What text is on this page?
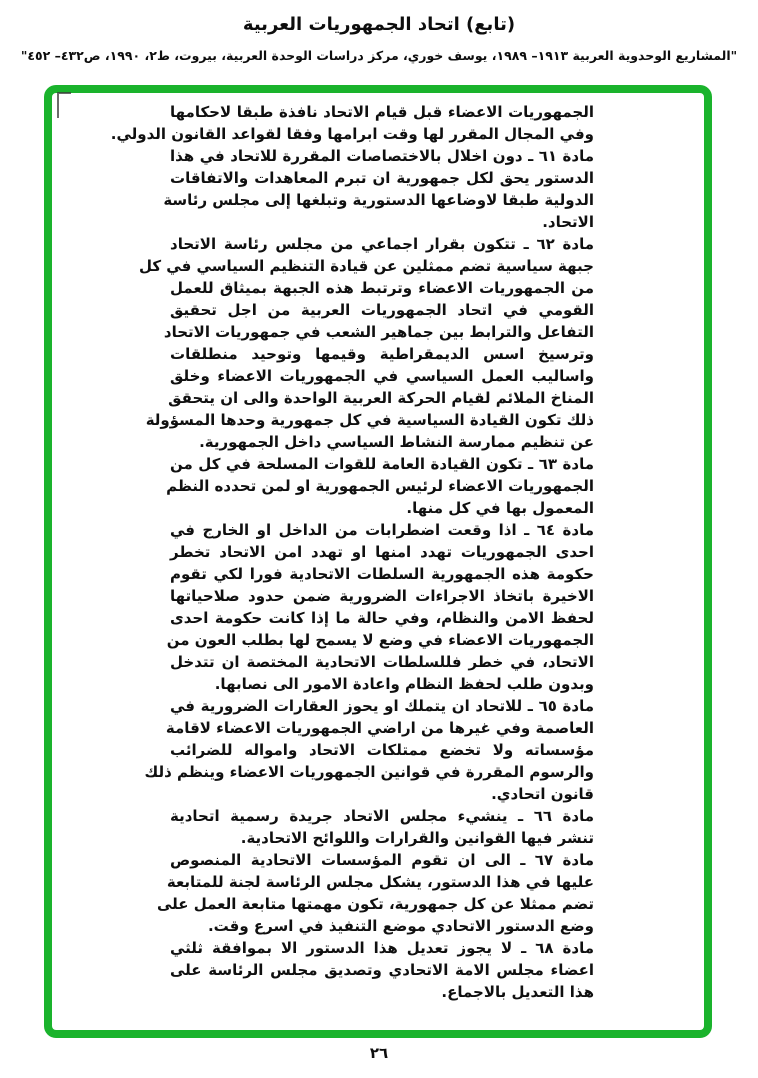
(تابع) اتحاد الجمهوريات العربية
"المشاريع الوحدوية العربية ١٩١٣– ١٩٨٩، يوسف خوري، مركز دراسات الوحدة العربية، بيروت، ط٢، ١٩٩٠، ص٤٣٢– ٤٥٢"
الجمهوريات الاعضاء قبل قيام الاتحاد نافذة طبقا لاحكامها
وفي المجال المقرر لها وقت ابرامها وفقا لقواعد القانون الدولي.
مادة ٦١ ـ دون اخلال بالاختصاصات المقررة للاتحاد في هذا
الدستور يحق لكل جمهورية ان تبرم المعاهدات والاتفاقات
الدولية طبقا لاوضاعها الدستورية وتبلغها إلى مجلس رئاسة
الاتحاد.
مادة ٦٢ ـ تتكون بقرار اجماعي من مجلس رئاسة الاتحاد
جبهة سياسية تضم ممثلين عن قيادة التنظيم السياسي في كل
من الجمهوريات الاعضاء وترتبط هذه الجبهة بميثاق للعمل
القومي في اتحاد الجمهوريات العربية من اجل تحقيق
التفاعل والترابط بين جماهير الشعب في جمهوريات الاتحاد
وترسيخ اسس الديمقراطية وقيمها وتوحيد منطلقات
واساليب العمل السياسي في الجمهوريات الاعضاء وخلق
المناخ الملائم لقيام الحركة العربية الواحدة والى ان يتحقق
ذلك تكون القيادة السياسية في كل جمهورية وحدها المسؤولة
عن تنظيم ممارسة النشاط السياسي داخل الجمهورية.
مادة ٦٣ ـ تكون القيادة العامة للقوات المسلحة في كل من
الجمهوريات الاعضاء لرئيس الجمهورية او لمن تحدده النظم
المعمول بها في كل منها.
مادة ٦٤ ـ اذا وقعت اضطرابات من الداخل او الخارج في
احدى الجمهوريات تهدد امنها او تهدد امن الاتحاد تخطر
حكومة هذه الجمهورية السلطات الاتحادية فورا لكي تقوم
الاخيرة باتخاذ الاجراءات الضرورية ضمن حدود صلاحياتها
لحفظ الامن والنظام، وفي حالة ما إذا كانت حكومة احدى
الجمهوريات الاعضاء في وضع لا يسمح لها بطلب العون من
الاتحاد، في خطر فللسلطات الاتحادية المختصة ان تتدخل
وبدون طلب لحفظ النظام واعادة الامور الى نصابها.
مادة ٦٥ ـ للاتحاد ان يتملك او يحوز العقارات الضرورية في
العاصمة وفي غيرها من اراضي الجمهوريات الاعضاء لاقامة
مؤسساته ولا تخضع ممتلكات الاتحاد وامواله للضرائب
والرسوم المقررة في قوانين الجمهوريات الاعضاء وينظم ذلك
قانون اتحادي.
مادة ٦٦ ـ ينشيء مجلس الاتحاد جريدة رسمية اتحادية
تنشر فيها القوانين والقرارات واللوائح الاتحادية.
مادة ٦٧ ـ الى ان تقوم المؤسسات الاتحادية المنصوص
عليها في هذا الدستور، يشكل مجلس الرئاسة لجنة للمتابعة
تضم ممثلا عن كل جمهورية، تكون مهمتها متابعة العمل على
وضع الدستور الاتحادي موضع التنفيذ في اسرع وقت.
مادة ٦٨ ـ لا يجوز تعديل هذا الدستور الا بموافقة ثلثي
اعضاء مجلس الامة الاتحادي وتصديق مجلس الرئاسة على
هذا التعديل بالاجماع.
٢٦
